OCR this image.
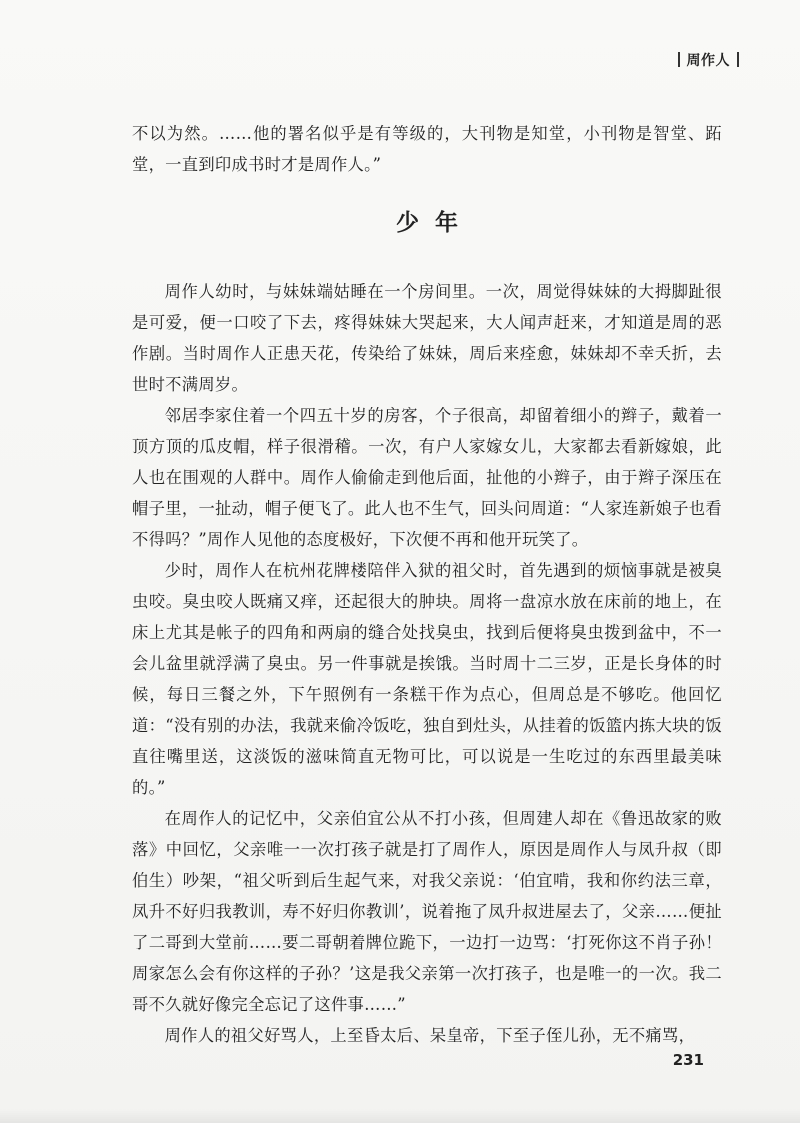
周作人

不以为然。……他的署名似乎是有等级的，大刊物是知堂，小刊物是智堂、跖堂，一直到印成书时才是周作人。”

少年

周作人幼时，与妹妹端姑睡在一个房间里。一次，周觉得妹妹的大拇脚趾很是可爱，便一口咬了下去，疼得妹妹大哭起来，大人闻声赶来，才知道是周的恶作剧。当时周作人正患天花，传染给了妹妹，周后来痊愈，妹妹却不幸夭折，去世时不满周岁。

邻居李家住着一个四五十岁的房客，个子很高，却留着细小的辫子，戴着一顶方顶的瓜皮帽，样子很滑稽。一次，有户人家嫁女儿，大家都去看新嫁娘，此人也在围观的人群中。周作人偷偷走到他后面，扯他的小辫子，由于辫子深压在帽子里，一扯动，帽子便飞了。此人也不生气，回头问周道：“人家连新娘子也看不得吗？”周作人见他的态度极好，下次便不再和他开玩笑了。

少时，周作人在杭州花牌楼陪伴入狱的祖父时，首先遇到的烦恼事就是被臭虫咬。臭虫咬人既痛又痒，还起很大的肿块。周将一盘凉水放在床前的地上，在床上尤其是帐子的四角和两扇的缝合处找臭虫，找到后便将臭虫拨到盆中，不一会儿盆里就浮满了臭虫。另一件事就是挨饿。当时周十二三岁，正是长身体的时候，每日三餐之外，下午照例有一条糕干作为点心，但周总是不够吃。他回忆道：“没有别的办法，我就来偷冷饭吃，独自到灶头，从挂着的饭篮内拣大块的饭直往嘴里送，这淡饭的滋味简直无物可比，可以说是一生吃过的东西里最美味的。”

在周作人的记忆中，父亲伯宜公从不打小孩，但周建人却在《鲁迅故家的败落》中回忆，父亲唯一一次打孩子就是打了周作人，原因是周作人与凤升叔（即伯生）吵架，“祖父听到后生起气来，对我父亲说：‘伯宜啃，我和你约法三章，凤升不好归我教训，寿不好归你教训’，说着拖了凤升叔进屋去了，父亲……便扯了二哥到大堂前……要二哥朝着牌位跪下，一边打一边骂：‘打死你这不肖子孙！周家怎么会有你这样的子孙？’这是我父亲第一次打孩子，也是唯一的一次。我二哥不久就好像完全忘记了这件事……”

周作人的祖父好骂人，上至昏太后、呆皇帝，下至子侄儿孙，无不痛骂，

231
